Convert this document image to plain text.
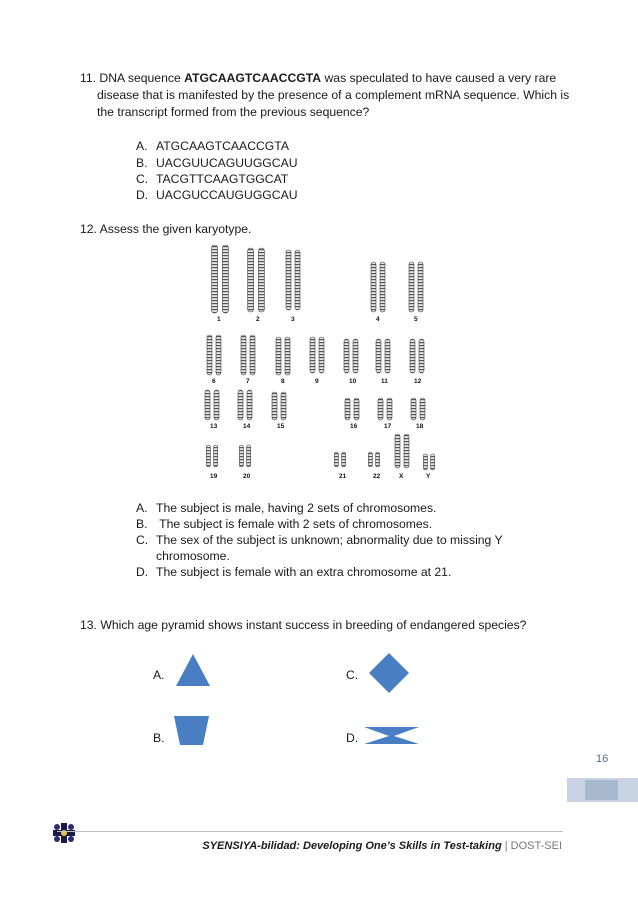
11. DNA sequence ATGCAAGTCAACCGTA was speculated to have caused a very rare
disease that is manifested by the presence of a complement mRNA sequence. Which is
the transcript formed from the previous sequence?
A. ATGCAAGTCAACCGTA
B. UACGUUCAGUUGGCAU
C. TACGTTCAAGTGGCAT
D. UACGUCCAUGUGGCAU
12. Assess the given karyotype.
1	2	3	4	5
6	7	8	9	10	11	12
13	14	15	16	17	18
19	20	21	22	X	Y
A. The subject is male, having 2 sets of chromosomes.
B. The subject is female with 2 sets of chromosomes.
C. The sex of the subject is unknown; abnormality due to missing Y
chromosome.
D. The subject is female with an extra chromosome at 21.
13. Which age pyramid shows instant success in breeding of endangered species?
A.	C.
B.	D.
16
SYENSIYA-bilidad: Developing One’s Skills in Test-taking | DOST-SEI
